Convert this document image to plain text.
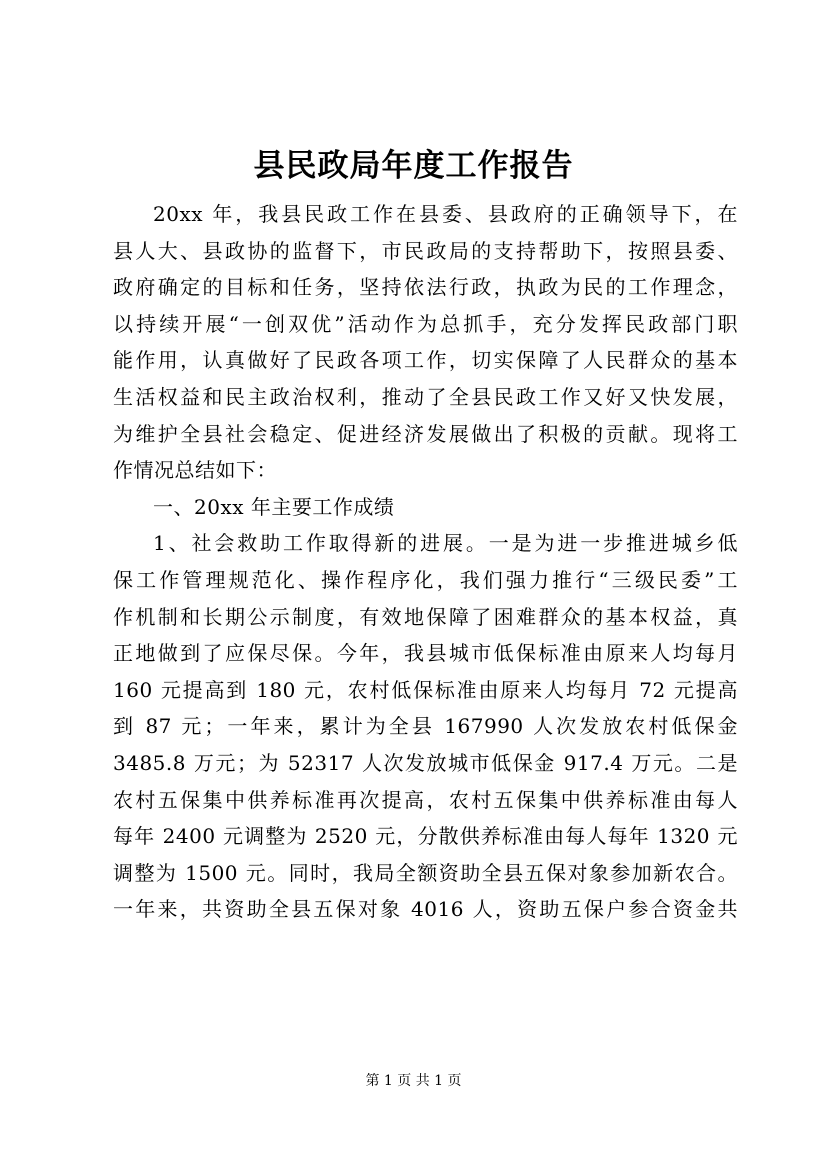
县民政局年度工作报告
20xx 年，我县民政工作在县委、县政府的正确领导下，在
县人大、县政协的监督下，市民政局的支持帮助下，按照县委、
政府确定的目标和任务，坚持依法行政，执政为民的工作理念，
以持续开展“一创双优”活动作为总抓手，充分发挥民政部门职
能作用，认真做好了民政各项工作，切实保障了人民群众的基本
生活权益和民主政治权利，推动了全县民政工作又好又快发展，
为维护全县社会稳定、促进经济发展做出了积极的贡献。现将工
作情况总结如下：
一、20xx 年主要工作成绩
1、社会救助工作取得新的进展。一是为进一步推进城乡低
保工作管理规范化、操作程序化，我们强力推行“三级民委”工
作机制和长期公示制度，有效地保障了困难群众的基本权益，真
正地做到了应保尽保。今年，我县城市低保标准由原来人均每月
160 元提高到 180 元，农村低保标准由原来人均每月 72 元提高
到 87 元；一年来，累计为全县 167990 人次发放农村低保金
3485.8 万元；为 52317 人次发放城市低保金 917.4 万元。二是
农村五保集中供养标准再次提高，农村五保集中供养标准由每人
每年 2400 元调整为 2520 元，分散供养标准由每人每年 1320 元
调整为 1500 元。同时，我局全额资助全县五保对象参加新农合。
一年来，共资助全县五保对象 4016 人，资助五保户参合资金共
第 1 页 共 1 页
